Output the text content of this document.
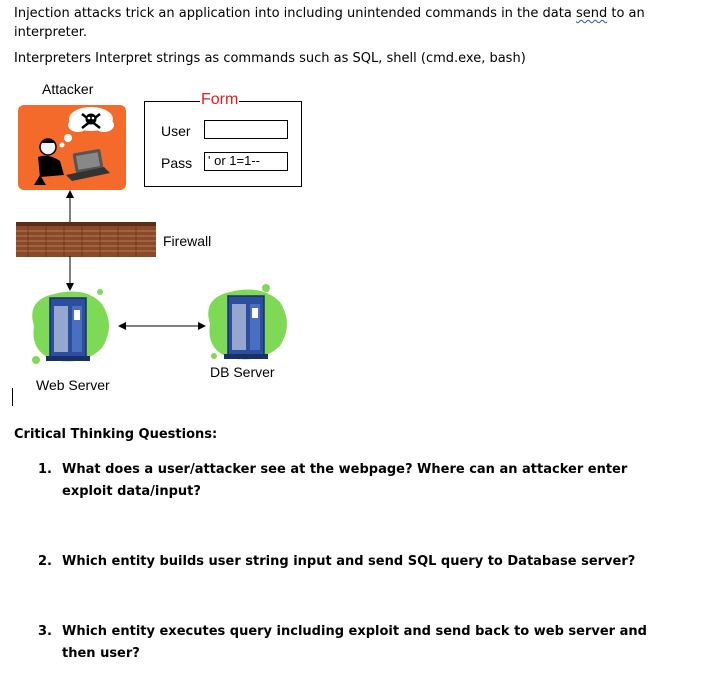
Injection attacks trick an application into including unintended commands in the data send to an interpreter.
Interpreters Interpret strings as commands such as SQL, shell (cmd.exe, bash)
Attacker
User
Pass	' or 1=1--
Form
Firewall
DB Server
Web Server
Critical Thinking Questions:
1. What does a user/attacker see at the webpage? Where can an attacker enter exploit data/input?
2. Which entity builds user string input and send SQL query to Database server?
3. Which entity executes query including exploit and send back to web server and then user?
